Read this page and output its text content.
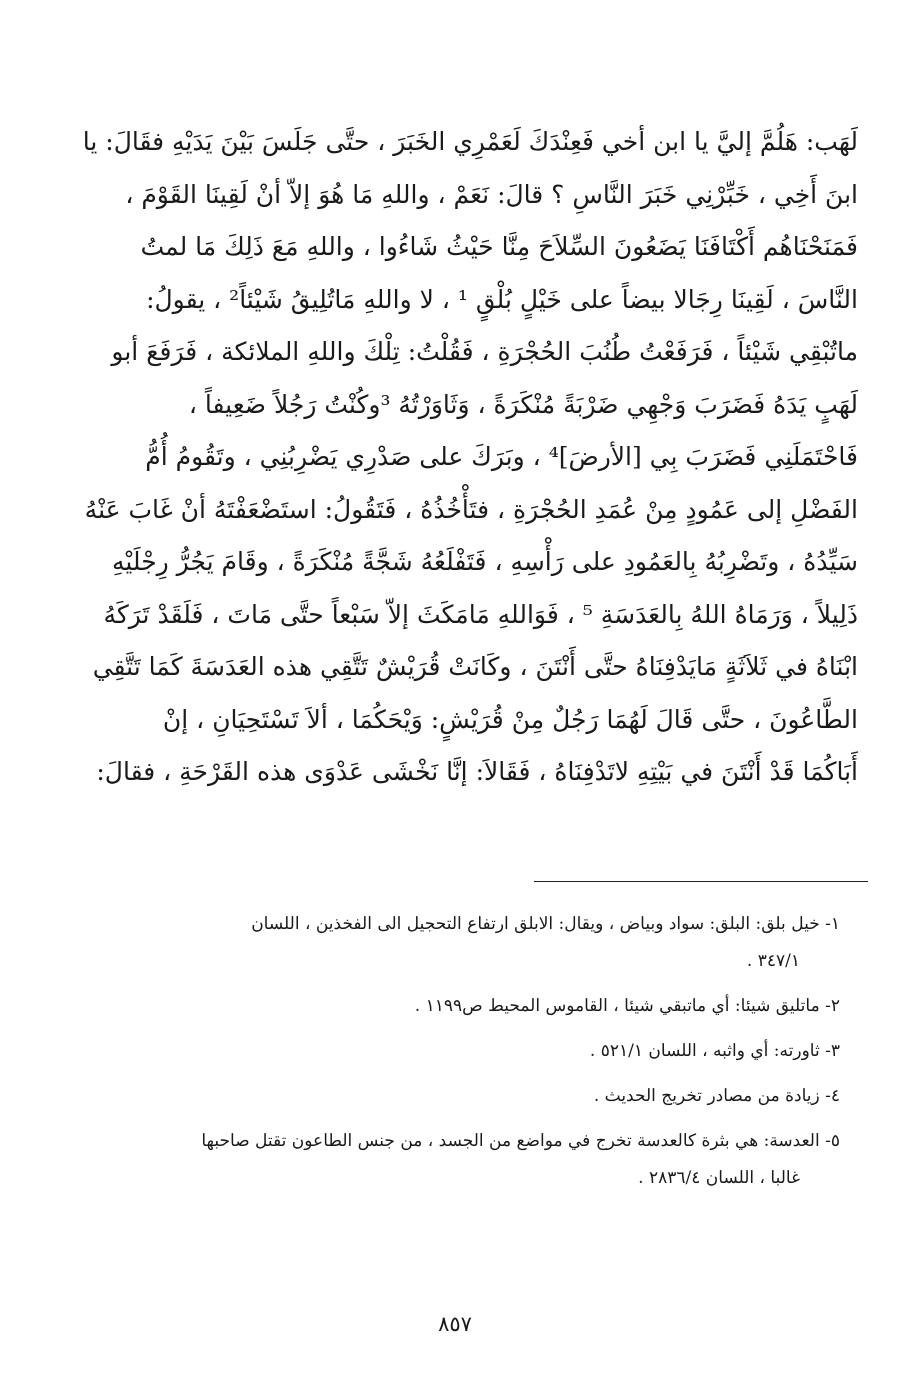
لَهَب: هَلُمَّ إليَّ يا ابن أخي فَعِنْدَكَ لَعَمْرِي الخَبَرَ ، حتَّى جَلَسَ بَيْنَ يَدَيْهِ فقَالَ: يا
ابنَ أَخِي ، خَبِّرْنِي خَبَرَ النَّاسِ ؟ قالَ: نَعَمْ ، واللهِ مَا هُوَ إلاّ أنْ لَقِينَا القَوْمَ ،
فَمَنَحْنَاهُم أَكْتَافَنَا يَضَعُونَ السِّلاَحَ مِنَّا حَيْثُ شَاءُوا ، واللهِ مَعَ ذَلِكَ مَا لمتُ
النَّاسَ ، لَقِينَا رِجَالا بيضاً على خَيْلٍ بُلْقٍ ¹ ، لا واللهِ مَاتُلِيقُ شَيْئاً² ، يقولُ:
ماتُبْقِي شَيْئاً ، فَرَفَعْتُ طُنُبَ الحُجْرَةِ ، فَقُلْتُ: تِلْكَ واللهِ الملائكة ، فَرَفَعَ أبو
لَهَبٍ يَدَهُ فَضَرَبَ وَجْهِي ضَرْبَةً مُنْكَرَةً ، وَثَاوَرْتُهُ ³وكُنْتُ رَجُلاً ضَعِيفاً ،
فَاحْتَمَلَنِي فَضَرَبَ بِي [الأرضَ]⁴ ، وبَرَكَ على صَدْرِي يَضْرِبُنِي ، وتَقُومُ أُمُّ
الفَضْلِ إلى عَمُودٍ مِنْ عُمَدِ الحُجْرَةِ ، فتَأْخُذُهُ ، فَتَقُولُ: استَضْعَفْتَهُ أنْ غَابَ عَنْهُ
سَيِّدُهُ ، وتَضْرِبُهُ بِالعَمُودِ على رَأْسِهِ ، فَتَفْلَعُهُ شَجَّةً مُنْكَرَةً ، وقَامَ يَجُرُّ رِجْلَيْهِ
ذَلِيلاً ، وَرَمَاهُ اللهُ بِالعَدَسَةِ ⁵ ، فَوَاللهِ مَامَكَثَ إلاّ سَبْعاً حتَّى مَاتَ ، فَلَقَدْ تَرَكَهُ
ابْنَاهُ في ثَلاَثَةٍ مَايَدْفِنَاهُ حتَّى أَنْتَنَ ، وكَانَتْ قُرَيْشٌ تَتَّقِي هذه العَدَسَةَ كَمَا تَتَّقِي
الطَّاعُونَ ، حتَّى قَالَ لَهُمَا رَجُلٌ مِنْ قُرَيْشٍ: وَيْحَكُمَا ، ألاَ تَسْتَحِيَانِ ، إنْ
أَبَاكُمَا قَدْ أَنْتَنَ في بَيْتِهِ لاتَدْفِنَاهُ ، فَقَالاَ: إنَّا نَخْشَى عَدْوَى هذه القَرْحَةِ ، فقالَ:
١- خيل بلق: البلق: سواد وبياض ، ويقال: الابلق ارتفاع التحجيل الى الفخذين ، اللسان
٣٤٧/١ .
٢- ماتليق شيئا: أي ماتبقي شيئا ، القاموس المحيط ص١١٩٩ .
٣- ثاورته: أي واثبه ، اللسان ٥٢١/١ .
٤- زيادة من مصادر تخريج الحديث .
٥- العدسة: هي بثرة كالعدسة تخرج في مواضع من الجسد ، من جنس الطاعون تقتل صاحبها
غالبا ، اللسان ٢٨٣٦/٤ .
٨٥٧
